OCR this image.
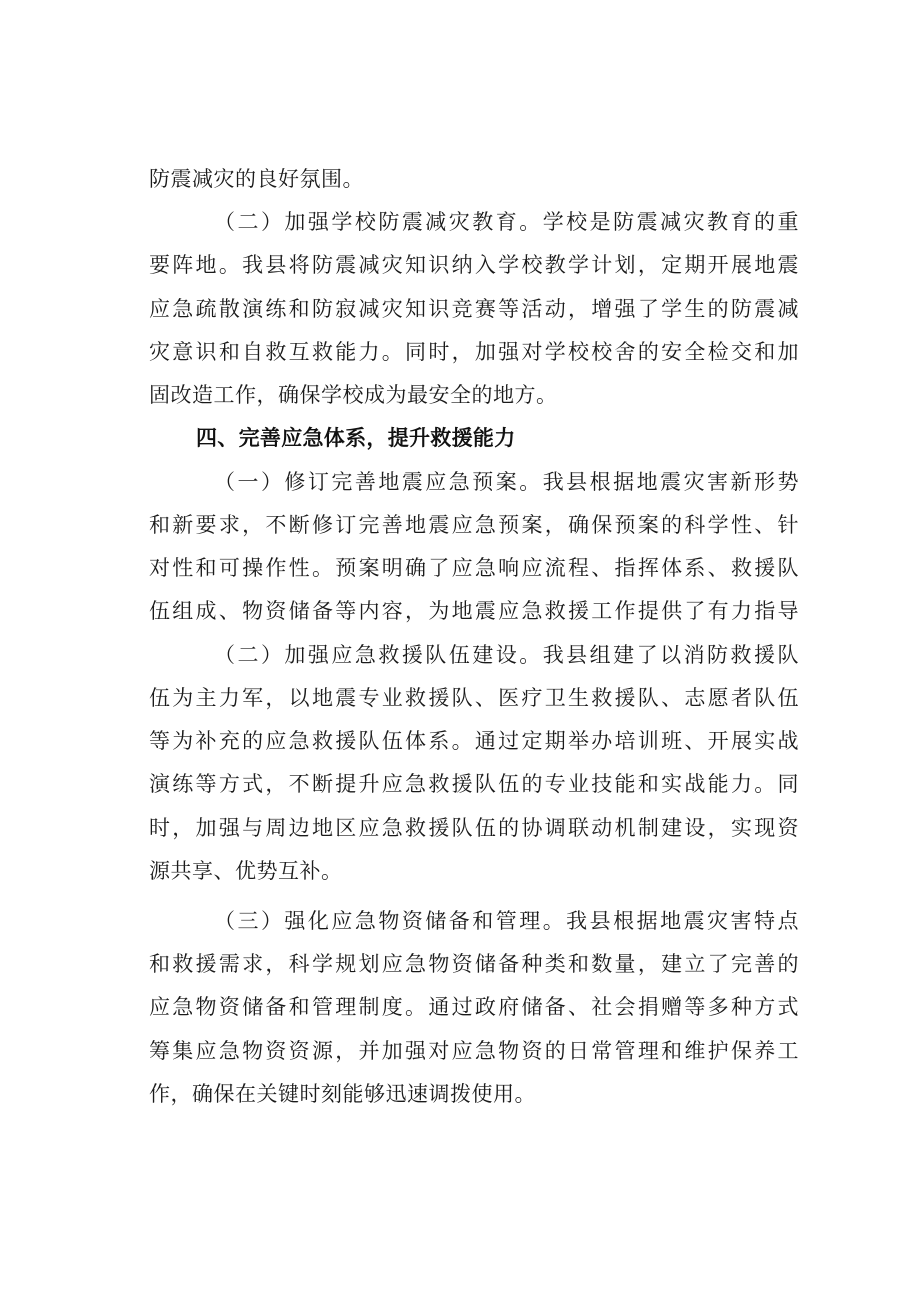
防震减灾的良好氛围。

（二）加强学校防震减灾教育。学校是防震减灾教育的重

要阵地。我县将防震减灾知识纳入学校教学计划，定期开展地震

应急疏散演练和防寂减灾知识竞赛等活动，增强了学生的防震减

灾意识和自救互救能力。同时，加强对学校校舍的安全检交和加

固改造工作，确保学校成为最安全的地方。

四、完善应急体系，提升救援能力

（一）修订完善地震应急预案。我县根据地震灾害新形势

和新要求，不断修订完善地震应急预案，确保预案的科学性、针

对性和可操作性。预案明确了应急响应流程、指挥体系、救援队

伍组成、物资储备等内容，为地震应急救援工作提供了有力指导

（二）加强应急救援队伍建设。我县组建了以消防救援队

伍为主力军，以地震专业救援队、医疗卫生救援队、志愿者队伍

等为补充的应急救援队伍体系。通过定期举办培训班、开展实战

演练等方式，不断提升应急救援队伍的专业技能和实战能力。同

时，加强与周边地区应急救援队伍的协调联动机制建设，实现资

源共享、优势互补。

（三）强化应急物资储备和管理。我县根据地震灾害特点

和救援需求，科学规划应急物资储备种类和数量，建立了完善的

应急物资储备和管理制度。通过政府储备、社会捐赠等多种方式

筹集应急物资资源，并加强对应急物资的日常管理和维护保养工

作，确保在关键时刻能够迅速调拨使用。
